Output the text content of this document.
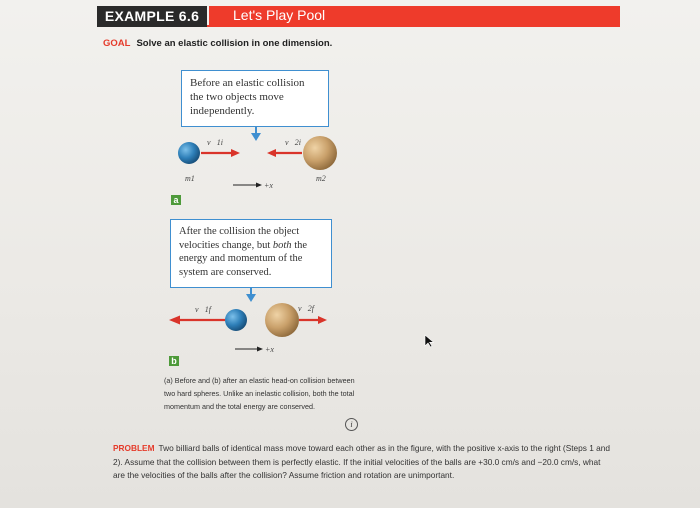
EXAMPLE 6.6	Let's Play Pool
GOAL Solve an elastic collision in one dimension.
Before an elastic collision the two objects move independently.
After the collision the object velocities change, but both the energy and momentum of the system are conserved.
v⃗1i	v⃗2i
m1	m2
+x
v⃗1f	v⃗2f
+x
a
b
(a) Before and (b) after an elastic head-on collision between two hard spheres. Unlike an inelastic collision, both the total momentum and the total energy are conserved.
i
PROBLEM Two billiard balls of identical mass move toward each other as in the figure, with the positive x-axis to the right (Steps 1 and 2). Assume that the collision between them is perfectly elastic. If the initial velocities of the balls are +30.0 cm/s and −20.0 cm/s, what are the velocities of the balls after the collision? Assume friction and rotation are unimportant.
